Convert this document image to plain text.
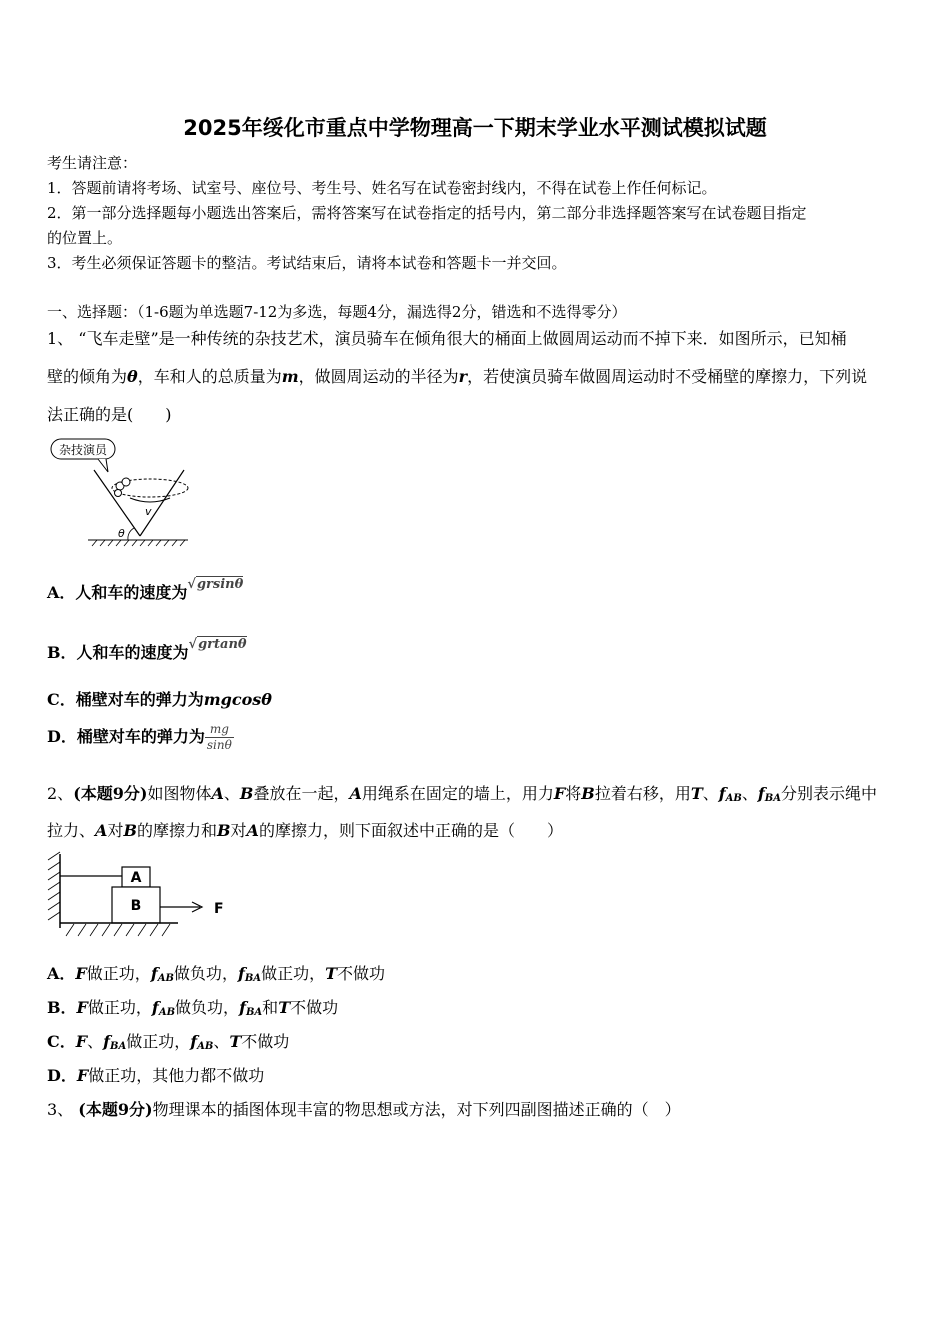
2025年绥化市重点中学物理高一下期末学业水平测试模拟试题
考生请注意：
1．答题前请将考场、试室号、座位号、考生号、姓名写在试卷密封线内，不得在试卷上作任何标记。
2．第一部分选择题每小题选出答案后，需将答案写在试卷指定的括号内，第二部分非选择题答案写在试卷题目指定
的位置上。
3．考生必须保证答题卡的整洁。考试结束后，请将本试卷和答题卡一并交回。
一、选择题：（1-6题为单选题7-12为多选，每题4分，漏选得2分，错选和不选得零分）
1、 “飞车走壁”是一种传统的杂技艺术，演员骑车在倾角很大的桶面上做圆周运动而不掉下来．如图所示，已知桶
壁的倾角为θ，车和人的总质量为m，做圆周运动的半径为r，若使演员骑车做圆周运动时不受桶壁的摩擦力，下列说
法正确的是(　　)
杂技演员
v
θ
A．人和车的速度为$^{√grsin\theta}$
B．人和车的速度为$^{√grtan\theta}$
C．桶壁对车的弹力为mgcosθ
D．桶壁对车的弹力为 $\frac{mg}{\sin\theta}$
2、(本题9分)如图物体A、B叠放在一起，A用绳系在固定的墙上，用力F将B拉着右移，用T、$f_{AB}$、$f_{BA}$分别表示绳中
拉力、A对B的摩擦力和B对A的摩擦力，则下面叙述中正确的是（　　）
A
B	F
A．F做正功，$f_{AB}$做负功，$f_{BA}$做正功，T不做功
B．F做正功，$f_{AB}$做负功，$f_{BA}$和T不做功
C．F、$f_{BA}$做正功，$f_{AB}$、T不做功
D．F做正功，其他力都不做功
3、 (本题9分)物理课本的插图体现丰富的物思想或方法，对下列四副图描述正确的（　）
